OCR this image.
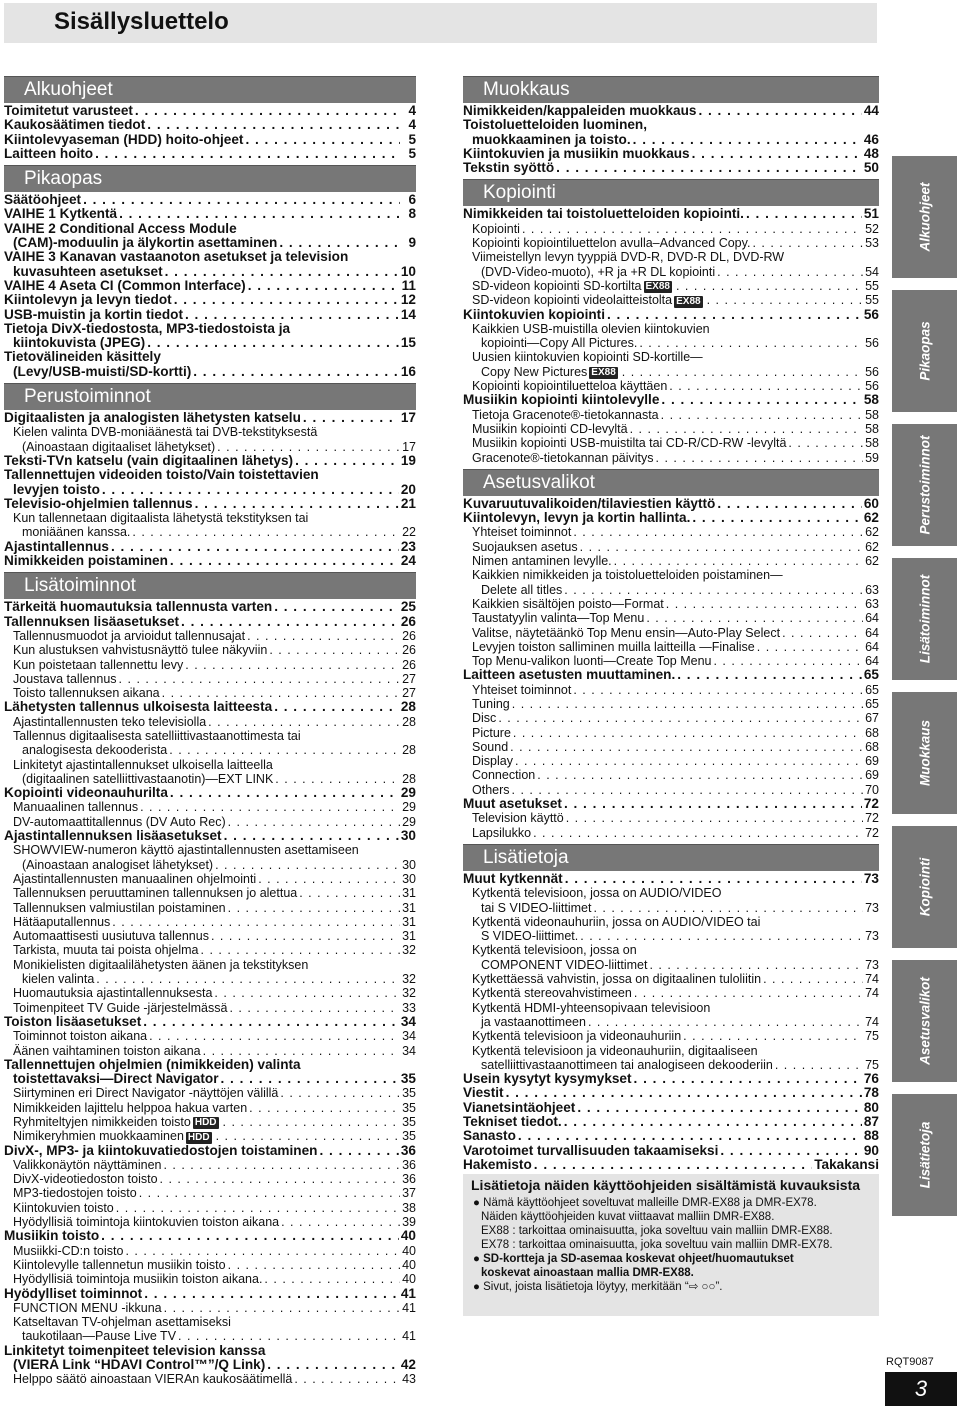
Sisällysluettelo
Alkuohjeet
Toimitetut varusteet . . .	4
Kaukosäätimen tiedot . . .	4
Kiintolevyaseman (HDD) hoito-ohjeet . . .	5
Laitteen hoito . . .	5
Pikaopas
Säätöohjeet . . .	6
VAIHE 1 Kytkentä . . .	8
VAIHE 2 Conditional Access Module
(CAM)-moduulin ja älykortin asettaminen . . .	9
VAIHE 3 Kanavan vastaanoton asetukset ja television
kuvasuhteen asetukset . . .	10
VAIHE 4 Aseta CI (Common Interface) . . .	11
Kiintolevyn ja levyn tiedot . . .	12
USB-muistin ja kortin tiedot . . .	14
Tietoja DivX-tiedostosta, MP3-tiedostoista ja
kiintokuvista (JPEG) . . .	15
Tietovälineiden käsittely
(Levy/USB-muisti/SD-kortti) . . .	16
Perustoiminnot
Digitaalisten ja analogisten lähetysten katselu . . .	17
Kielen valinta DVB-moniäänestä tai DVB-tekstityksestä
(Ainoastaan digitaaliset lähetykset) . . .	17
Teksti-TVn katselu (vain digitaalinen lähetys) . . .	19
Tallennettujen videoiden toisto/Vain toistettavien
levyjen toisto . . .	20
Televisio-ohjelmien tallennus . . .	21
Kun tallennetaan digitaalista lähetystä tekstityksen tai
moniäänen kanssa. . . .	22
Ajastintallennus . . .	23
Nimikkeiden poistaminen . . .	24
Lisätoiminnot
Tärkeitä huomautuksia tallennusta varten . . .	25
Tallennuksen lisäasetukset . . .	26
Tallennusmuodot ja arvioidut tallennusajat . . .	26
Kun alustuksen vahvistusnäyttö tulee näkyviin . . .	26
Kun poistetaan tallennettu levy . . .	26
Joustava tallennus . . .	27
Toisto tallennuksen aikana . . .	27
Lähetysten tallennus ulkoisesta laitteesta . . .	28
Ajastintallennusten teko televisiolla . . .	28
Tallennus digitaalisesta satelliittivastaanottimesta tai
analogisesta dekooderista . . .	28
Linkitetyt ajastintallennukset ulkoisella laitteella
(digitaalinen satelliittivastaanotin)—EXT LINK . . .	28
Kopiointi videonauhurilta . . .	29
Manuaalinen tallennus . . .	29
DV-automaattitallennus (DV Auto Rec) . . .	29
Ajastintallennuksen lisäasetukset . . .	30
SHOWVIEW-numeron käyttö ajastintallennusten asettamiseen
(Ainoastaan analogiset lähetykset) . . .	30
Ajastintallennusten manuaalinen ohjelmointi . . .	30
Tallennuksen peruuttaminen tallennuksen jo alettua . . .	31
Tallennuksen valmiustilan poistaminen . . .	31
Hätäaputallennus . . .	31
Automaattisesti uusiutuva tallennus . . .	31
Tarkista, muuta tai poista ohjelma . . .	32
Monikielisten digitaalilähetysten äänen ja tekstityksen
kielen valinta . . .	32
Huomautuksia ajastintallennuksesta . . .	32
Toimenpiteet TV Guide -järjestelmässä . . .	33
Toiston lisäasetukset . . .	34
Toiminnot toiston aikana . . .	34
Äänen vaihtaminen toiston aikana . . .	34
Tallennettujen ohjelmien (nimikkeiden) valinta
toistettavaksi—Direct Navigator . . .	35
Siirtyminen eri Direct Navigator -näyttöjen välillä . . .	35
Nimikkeiden lajittelu helppoa hakua varten . . .	35
Ryhmiteltyjen nimikkeiden toisto HDD . . .	35
Nimikeryhmien muokkaaminen HDD . . .	35
DivX-, MP3- ja kiintokuvatiedostojen toistaminen . . .	36
Valikkonäytön näyttäminen . . .	36
DivX-videotiedoston toisto . . .	36
MP3-tiedostojen toisto . . .	37
Kiintokuvien toisto . . .	38
Hyödyllisiä toimintoja kiintokuvien toiston aikana . . .	39
Musiikin toisto . . .	40
Musiikki-CD:n toisto . . .	40
Kiintolevylle tallennetun musiikin toisto . . .	40
Hyödyllisiä toimintoja musiikin toiston aikana. . . .	40
Hyödylliset toiminnot . . .	41
FUNCTION MENU -ikkuna . . .	41
Katseltavan TV-ohjelman asettamiseksi
taukotilaan—Pause Live TV . . .	41
Linkitetyt toimenpiteet television kanssa
(VIERA Link “HDAVI Control™”/Q Link) . . .	42
Helppo säätö ainoastaan VIERAn kaukosäätimellä . . .	43
Muokkaus
Nimikkeiden/kappaleiden muokkaus . . .	44
Toistoluetteloiden luominen,
muokkaaminen ja toisto. . . .	46
Kiintokuvien ja musiikin muokkaus . . .	48
Tekstin syöttö . . .	50
Kopiointi
Nimikkeiden tai toistoluetteloiden kopiointi. . . .	51
Kopiointi . . .	52
Kopiointi kopiointiluettelon avulla–Advanced Copy. . . .	53
Viimeistellyn levyn tyyppiä DVD-R, DVD-R DL, DVD-RW
(DVD-Video-muoto), +R ja +R DL kopiointi . . .	54
SD-videon kopiointi SD-kortilta EX88 . . .	55
SD-videon kopiointi videolaitteistolta EX88 . . .	55
Kiintokuvien kopiointi . . .	56
Kaikkien USB-muistilla olevien kiintokuvien
kopiointi—Copy All Pictures. . . .	56
Uusien kiintokuvien kopiointi SD-kortille—
Copy New Pictures EX88 . . .	56
Kopiointi kopiointiluetteloa käyttäen . . .	56
Musiikin kopiointi kiintolevylle . . .	58
Tietoja Gracenote®-tietokannasta . . .	58
Musiikin kopiointi CD-levyltä . . .	58
Musiikin kopiointi USB-muistilta tai CD-R/CD-RW -levyltä . . .	58
Gracenote®-tietokannan päivitys . . .	59
Asetusvalikot
Kuvaruutuvalikoiden/tilaviestien käyttö . . .	60
Kiintolevyn, levyn ja kortin hallinta. . . .	62
Yhteiset toiminnot . . .	62
Suojauksen asetus . . .	62
Nimen antaminen levylle. . . .	62
Kaikkien nimikkeiden ja toistoluetteloiden poistaminen—
Delete all titles . . .	63
Kaikkien sisältöjen poisto—Format . . .	63
Taustatyylin valinta—Top Menu . . .	64
Valitse, näytetäänkö Top Menu ensin—Auto-Play Select . . .	64
Levyjen toiston salliminen muilla laitteilla —Finalise . . .	64
Top Menu-valikon luonti—Create Top Menu . . .	64
Laitteen asetusten muuttaminen. . . .	65
Yhteiset toiminnot . . .	65
Tuning . . .	65
Disc . . .	67
Picture . . .	68
Sound . . .	68
Display . . .	69
Connection . . .	69
Others . . .	70
Muut asetukset . . .	72
Television käyttö . . .	72
Lapsilukko . . .	72
Lisätietoja
Muut kytkennät . . .	73
Kytkentä televisioon, jossa on AUDIO/VIDEO
tai S VIDEO-liittimet . . .	73
Kytkentä videonauhuriin, jossa on AUDIO/VIDEO tai
S VIDEO-liittimet. . . .	73
Kytkentä televisioon, jossa on
COMPONENT VIDEO-liittimet . . .	73
Kytkettäessä vahvistin, jossa on digitaalinen tuloliitin . . .	74
Kytkentä stereovahvistimeen . . .	74
Kytkentä HDMI-yhteensopivaan televisioon
ja vastaanottimeen . . .	74
Kytkentä televisioon ja videonauhuriin . . .	75
Kytkentä televisioon ja videonauhuriin, digitaaliseen
satelliittivastaanottimeen tai analogiseen dekooderiin . . .	75
Usein kysytyt kysymykset . . .	76
Viestit . . .	78
Vianetsintäohjeet . . .	80
Tekniset tiedot. . . .	87
Sanasto . . .	88
Varotoimet turvallisuuden takaamiseksi . . .	90
Hakemisto . . .	Takakansi
Lisätietoja näiden käyttöohjeiden sisältämistä kuvauksista
● Nämä käyttöohjeet soveltuvat malleille DMR-EX88 ja DMR-EX78.
Näiden käyttöohjeiden kuvat viittaavat malliin DMR-EX88.
EX88 : tarkoittaa ominaisuutta, joka soveltuu vain malliin DMR-EX88.
EX78 : tarkoittaa ominaisuutta, joka soveltuu vain malliin DMR-EX78.
● SD-kortteja ja SD-asemaa koskevat ohjeet/huomautukset
koskevat ainoastaan mallia DMR-EX88.
● Sivut, joista lisätietoja löytyy, merkitään “⇨ ○○”.
Alkuohjeet
Pikaopas
Perustoiminnot
Lisätoiminnot
Muokkaus
Kopiointi
Asetusvalikot
Lisätietoja
RQT9087
3
